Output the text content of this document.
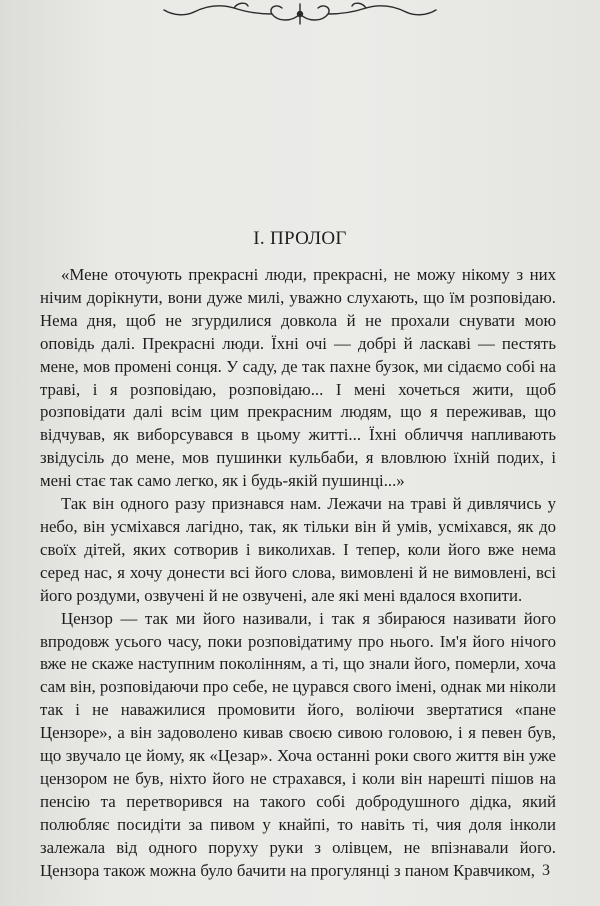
I. ПРОЛОГ

«Мене оточують прекрасні люди, прекрасні, не можу нікому з них нічим дорікнути, вони дуже милі, уважно слухають, що їм розповідаю. Нема дня, щоб не згурдилися довкола й не прохали снувати мою оповідь далі. Прекрасні люди. Їхні очі — добрі й ласкаві — пестять мене, мов промені сонця. У саду, де так пахне бузок, ми сідаємо собі на траві, і я розповідаю, розповідаю... І мені хочеться жити, щоб розповідати далі всім цим прекрасним людям, що я переживав, що відчував, як виборсувався в цьому житті... Їхні обличчя напливають звідусіль до мене, мов пушинки кульбаби, я вловлюю їхній подих, і мені стає так само легко, як і будь-якій пушинці...»

Так він одного разу признався нам. Лежачи на траві й дивлячись у небо, він усміхався лагідно, так, як тільки він й умів, усміхався, як до своїх дітей, яких сотворив і виколихав. І тепер, коли його вже нема серед нас, я хочу донести всі його слова, вимовлені й не вимовлені, всі його роздуми, озвучені й не озвучені, але які мені вдалося вхопити.

Цензор — так ми його називали, і так я збираюся називати його впродовж усього часу, поки розповідатиму про нього. Ім'я його нічого вже не скаже наступним поколінням, а ті, що знали його, померли, хоча сам він, розповідаючи про себе, не цурався свого імені, однак ми ніколи так і не наважилися промовити його, воліючи звертатися «пане Цензоре», а він задоволено кивав своєю сивою головою, і я певен був, що звучало це йому, як «Цезар». Хоча останні роки свого життя він уже цензором не був, ніхто його не страхався, і коли він нарешті пішов на пенсію та перетворився на такого собі добродушного дідка, який полюбляє посидіти за пивом у кнайпі, то навіть ті, чия доля інколи залежала від одного поруху руки з олівцем, не впізнавали його. Цензора також можна було бачити на прогулянці з паном Кравчиком, 3
